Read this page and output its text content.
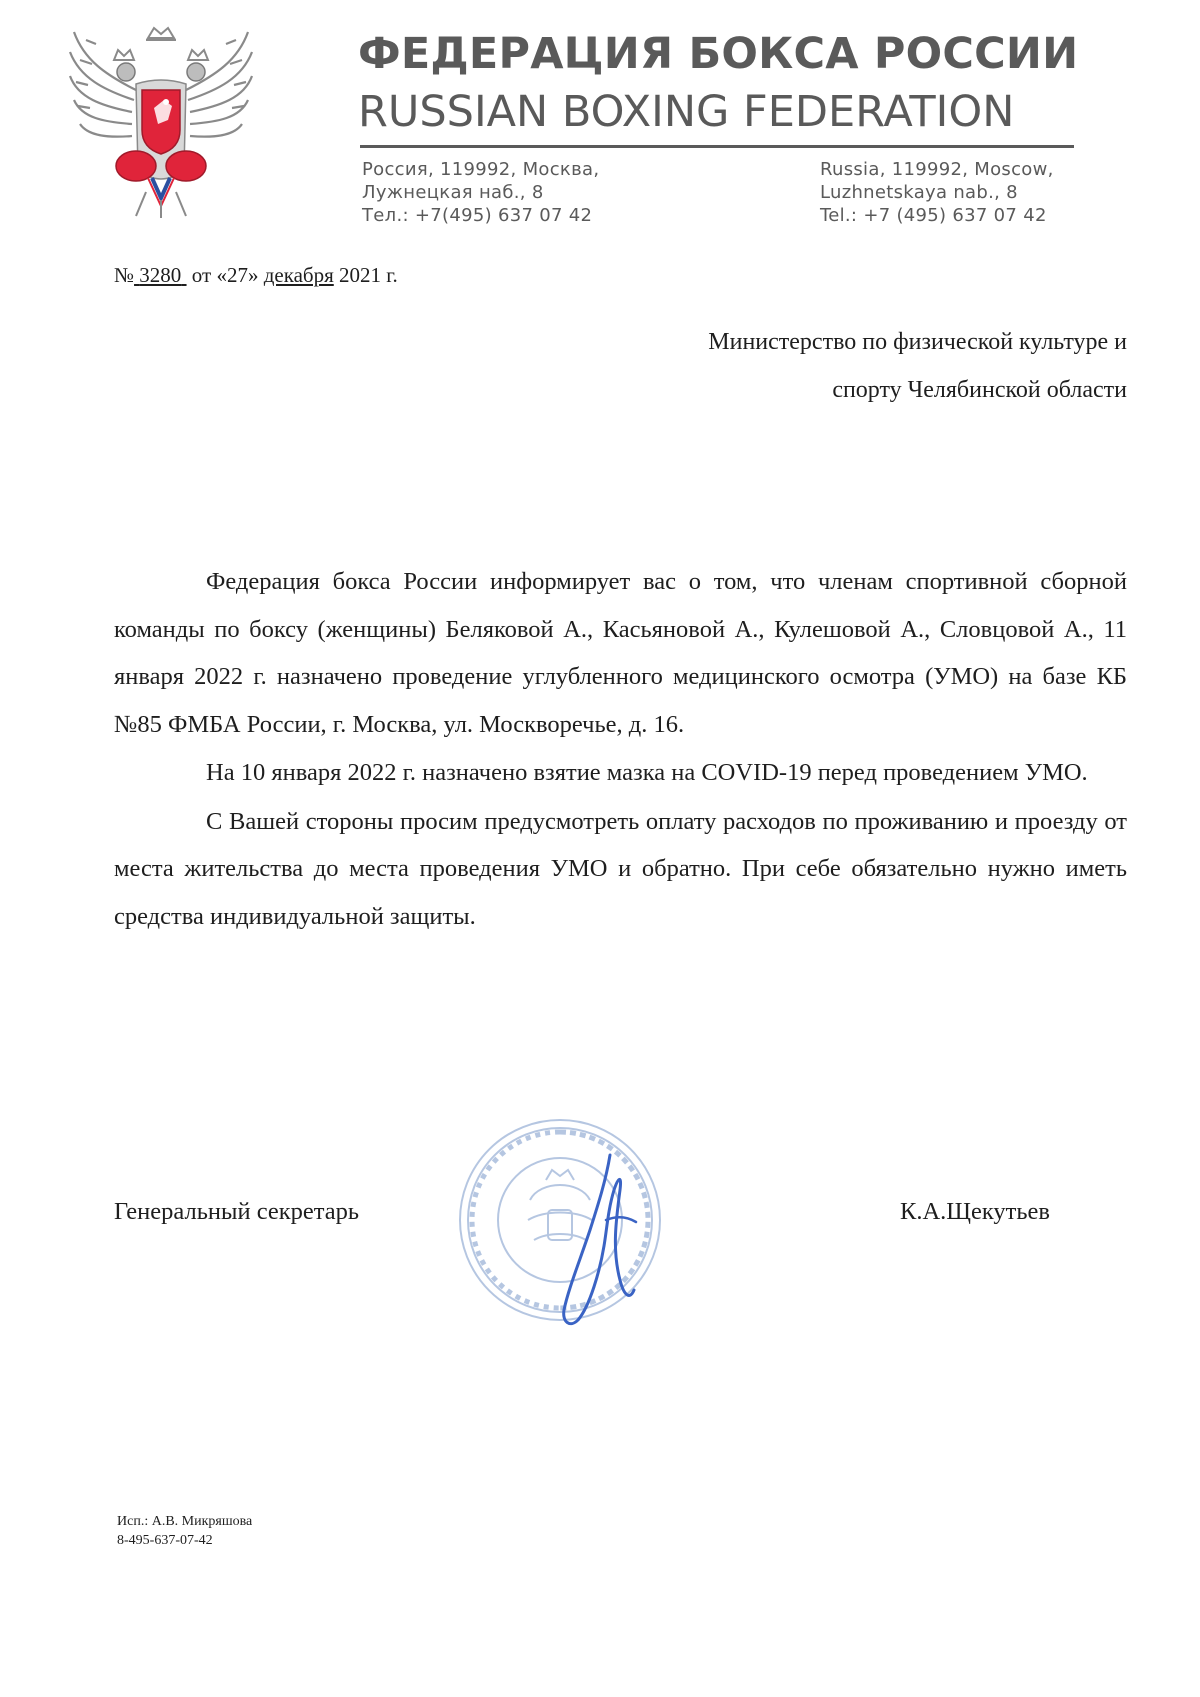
ФЕДЕРАЦИЯ БОКСА РОССИИ
RUSSIAN BOXING FEDERATION
Россия, 119992, Москва,
Лужнецкая наб., 8
Тел.: +7(495) 637 07 42
Russia, 119992, Moscow,
Luzhnetskaya nab., 8
Tel.: +7 (495) 637 07 42
№ 3280 от «27» декабря 2021 г.
Министерство по физической культуре и
спорту Челябинской области

Федерация бокса России информирует вас о том, что членам спортивной сборной команды по боксу (женщины) Беляковой А., Касьяновой А., Кулешовой А., Словцовой А., 11 января 2022 г. назначено проведение углубленного медицинского осмотра (УМО) на базе КБ №85 ФМБА России, г. Москва, ул. Москворечье, д. 16.

На 10 января 2022 г. назначено взятие мазка на COVID-19 перед проведением УМО.

С Вашей стороны просим предусмотреть оплату расходов по проживанию и проезду от места жительства до места проведения УМО и обратно. При себе обязательно нужно иметь средства индивидуальной защиты.

Генеральный секретарь	К.А.Щекутьев
Исп.: А.В. Микряшова
8-495-637-07-42
